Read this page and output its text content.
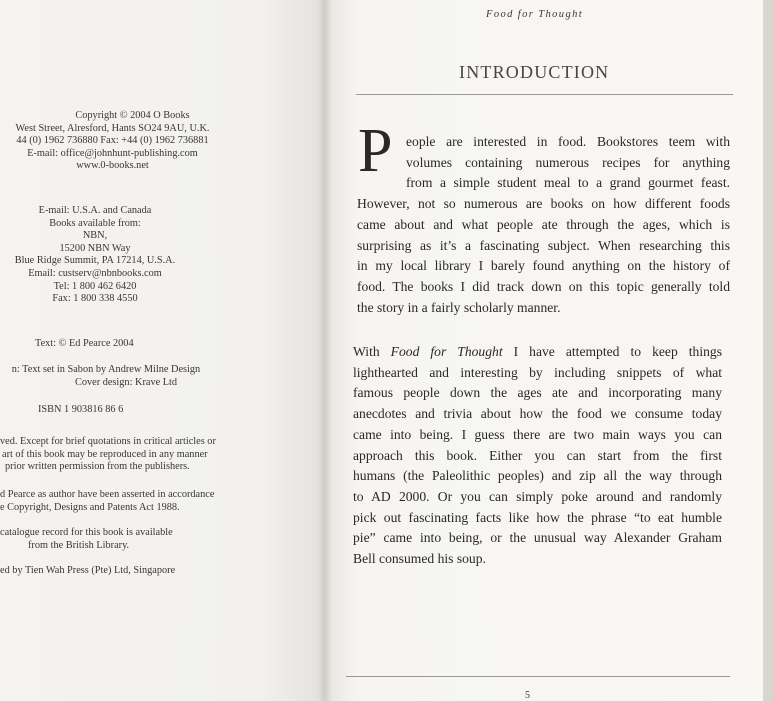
Copyright © 2004 O Books
West Street, Alresford, Hants SO24 9AU, U.K.
44 (0) 1962 736880 Fax: +44 (0) 1962 736881
E-mail: office@johnhunt-publishing.com
www.0-books.net
E-mail: U.S.A. and Canada
Books available from:
NBN,
15200 NBN Way
Blue Ridge Summit, PA 17214, U.S.A.
Email: custserv@nbnbooks.com
Tel: 1 800 462 6420
Fax: 1 800 338 4550
Text: © Ed Pearce 2004
n: Text set in Sabon by Andrew Milne Design
Cover design: Krave Ltd
ISBN 1 903816 86 6
ved. Except for brief quotations in critical articles or
art of this book may be reproduced in any manner
prior written permission from the publishers.
d Pearce as author have been asserted in accordance
e Copyright, Designs and Patents Act 1988.
catalogue record for this book is available
from the British Library.
ed by Tien Wah Press (Pte) Ltd, Singapore
Food for Thought
INTRODUCTION
P eople are interested in food. Bookstores teem with
volumes containing numerous recipes for anything
from a simple student meal to a grand gourmet feast.
However, not so numerous are books on how different foods
came about and what people ate through the ages, which is
surprising as it’s a fascinating subject. When researching this
in my local library I barely found anything on the history of
food. The books I did track down on this topic generally told
the story in a fairly scholarly manner.
With Food for Thought I have attempted to keep things
lighthearted and interesting by including snippets of what
famous people down the ages ate and incorporating many
anecdotes and trivia about how the food we consume today
came into being. I guess there are two main ways you can
approach this book. Either you can start from the first
humans (the Paleolithic peoples) and zip all the way through
to AD 2000. Or you can simply poke around and randomly
pick out fascinating facts like how the phrase “to eat humble
pie” came into being, or the unusual way Alexander Graham
Bell consumed his soup.
5
